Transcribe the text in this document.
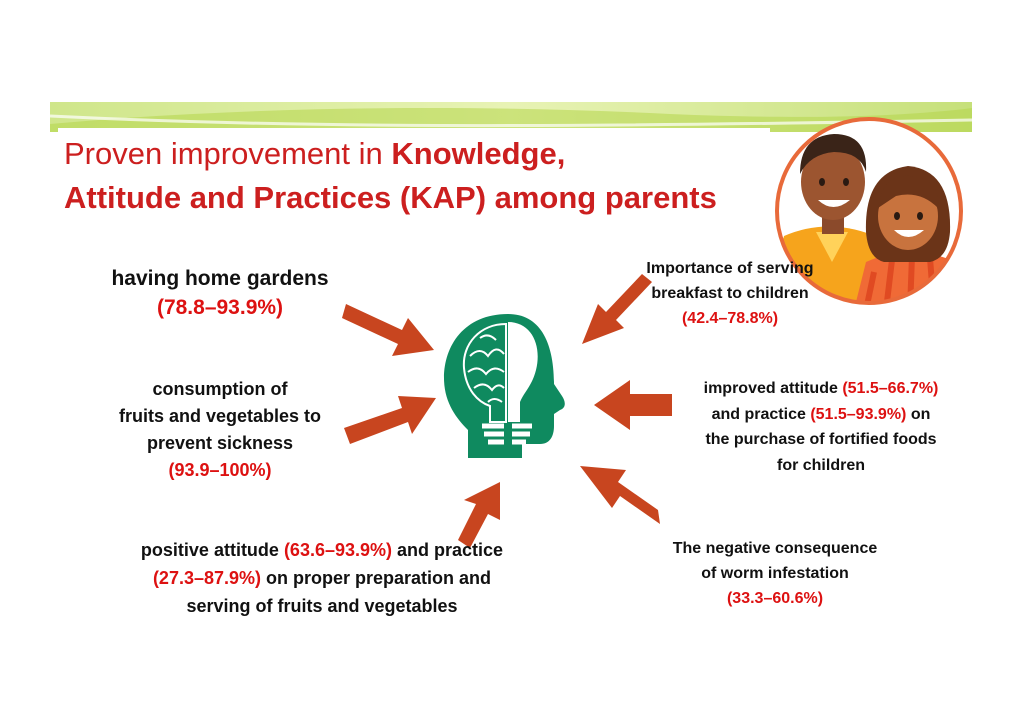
Proven improvement in Knowledge,
Attitude and Practices (KAP) among parents
having home gardens
(78.8–93.9%)
consumption of
fruits and vegetables to
prevent sickness
(93.9–100%)
positive attitude (63.6–93.9%) and practice
(27.3–87.9%) on proper preparation and
serving of fruits and vegetables
Importance of serving
breakfast to children
(42.4–78.8%)
improved attitude (51.5–66.7%)
and practice (51.5–93.9%) on
the purchase of fortified foods
for children
The negative consequence
of worm infestation
(33.3–60.6%)
